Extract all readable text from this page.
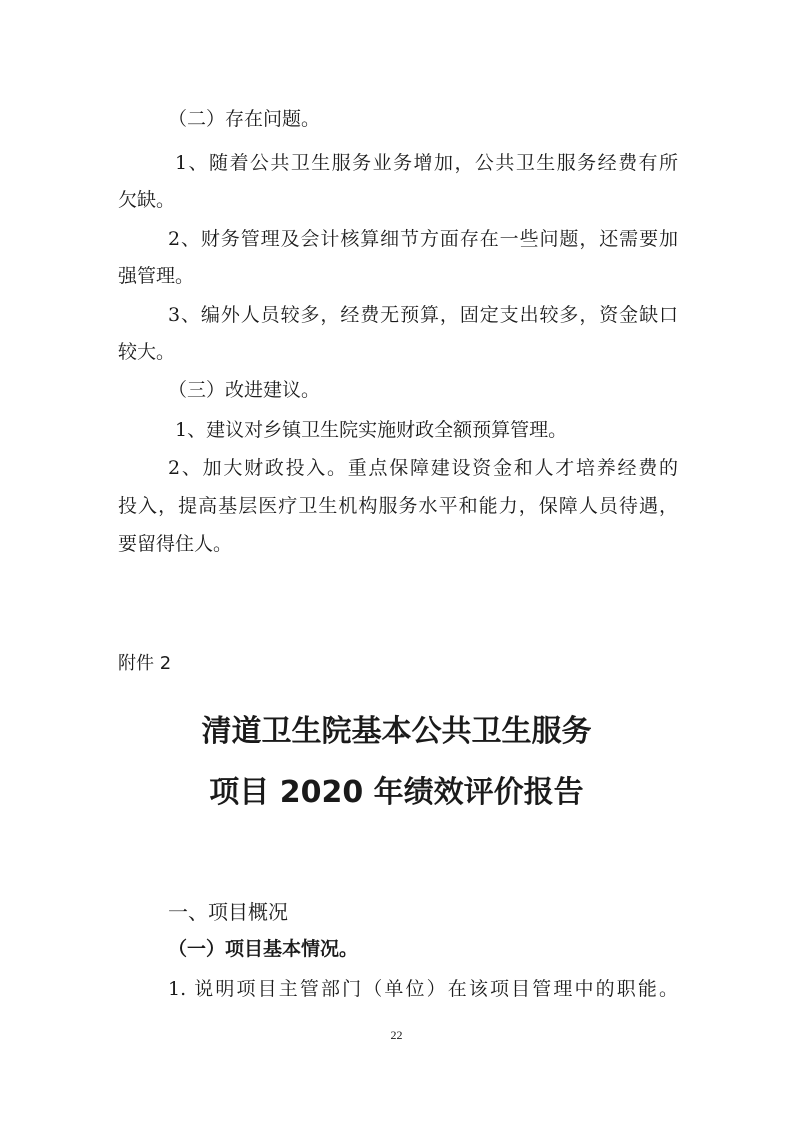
（二）存在问题。

1、随着公共卫生服务业务增加，公共卫生服务经费有所

欠缺。

2、财务管理及会计核算细节方面存在一些问题，还需要加

强管理。

3、编外人员较多，经费无预算，固定支出较多，资金缺口

较大。

（三）改进建议。

1、建议对乡镇卫生院实施财政全额预算管理。

2、加大财政投入。重点保障建设资金和人才培养经费的

投入，提高基层医疗卫生机构服务水平和能力，保障人员待遇，

要留得住人。

附件 2

清道卫生院基本公共卫生服务
项目 2020 年绩效评价报告

一、项目概况

（一）项目基本情况。

1. 说明项目主管部门（单位）在该项目管理中的职能。

22
